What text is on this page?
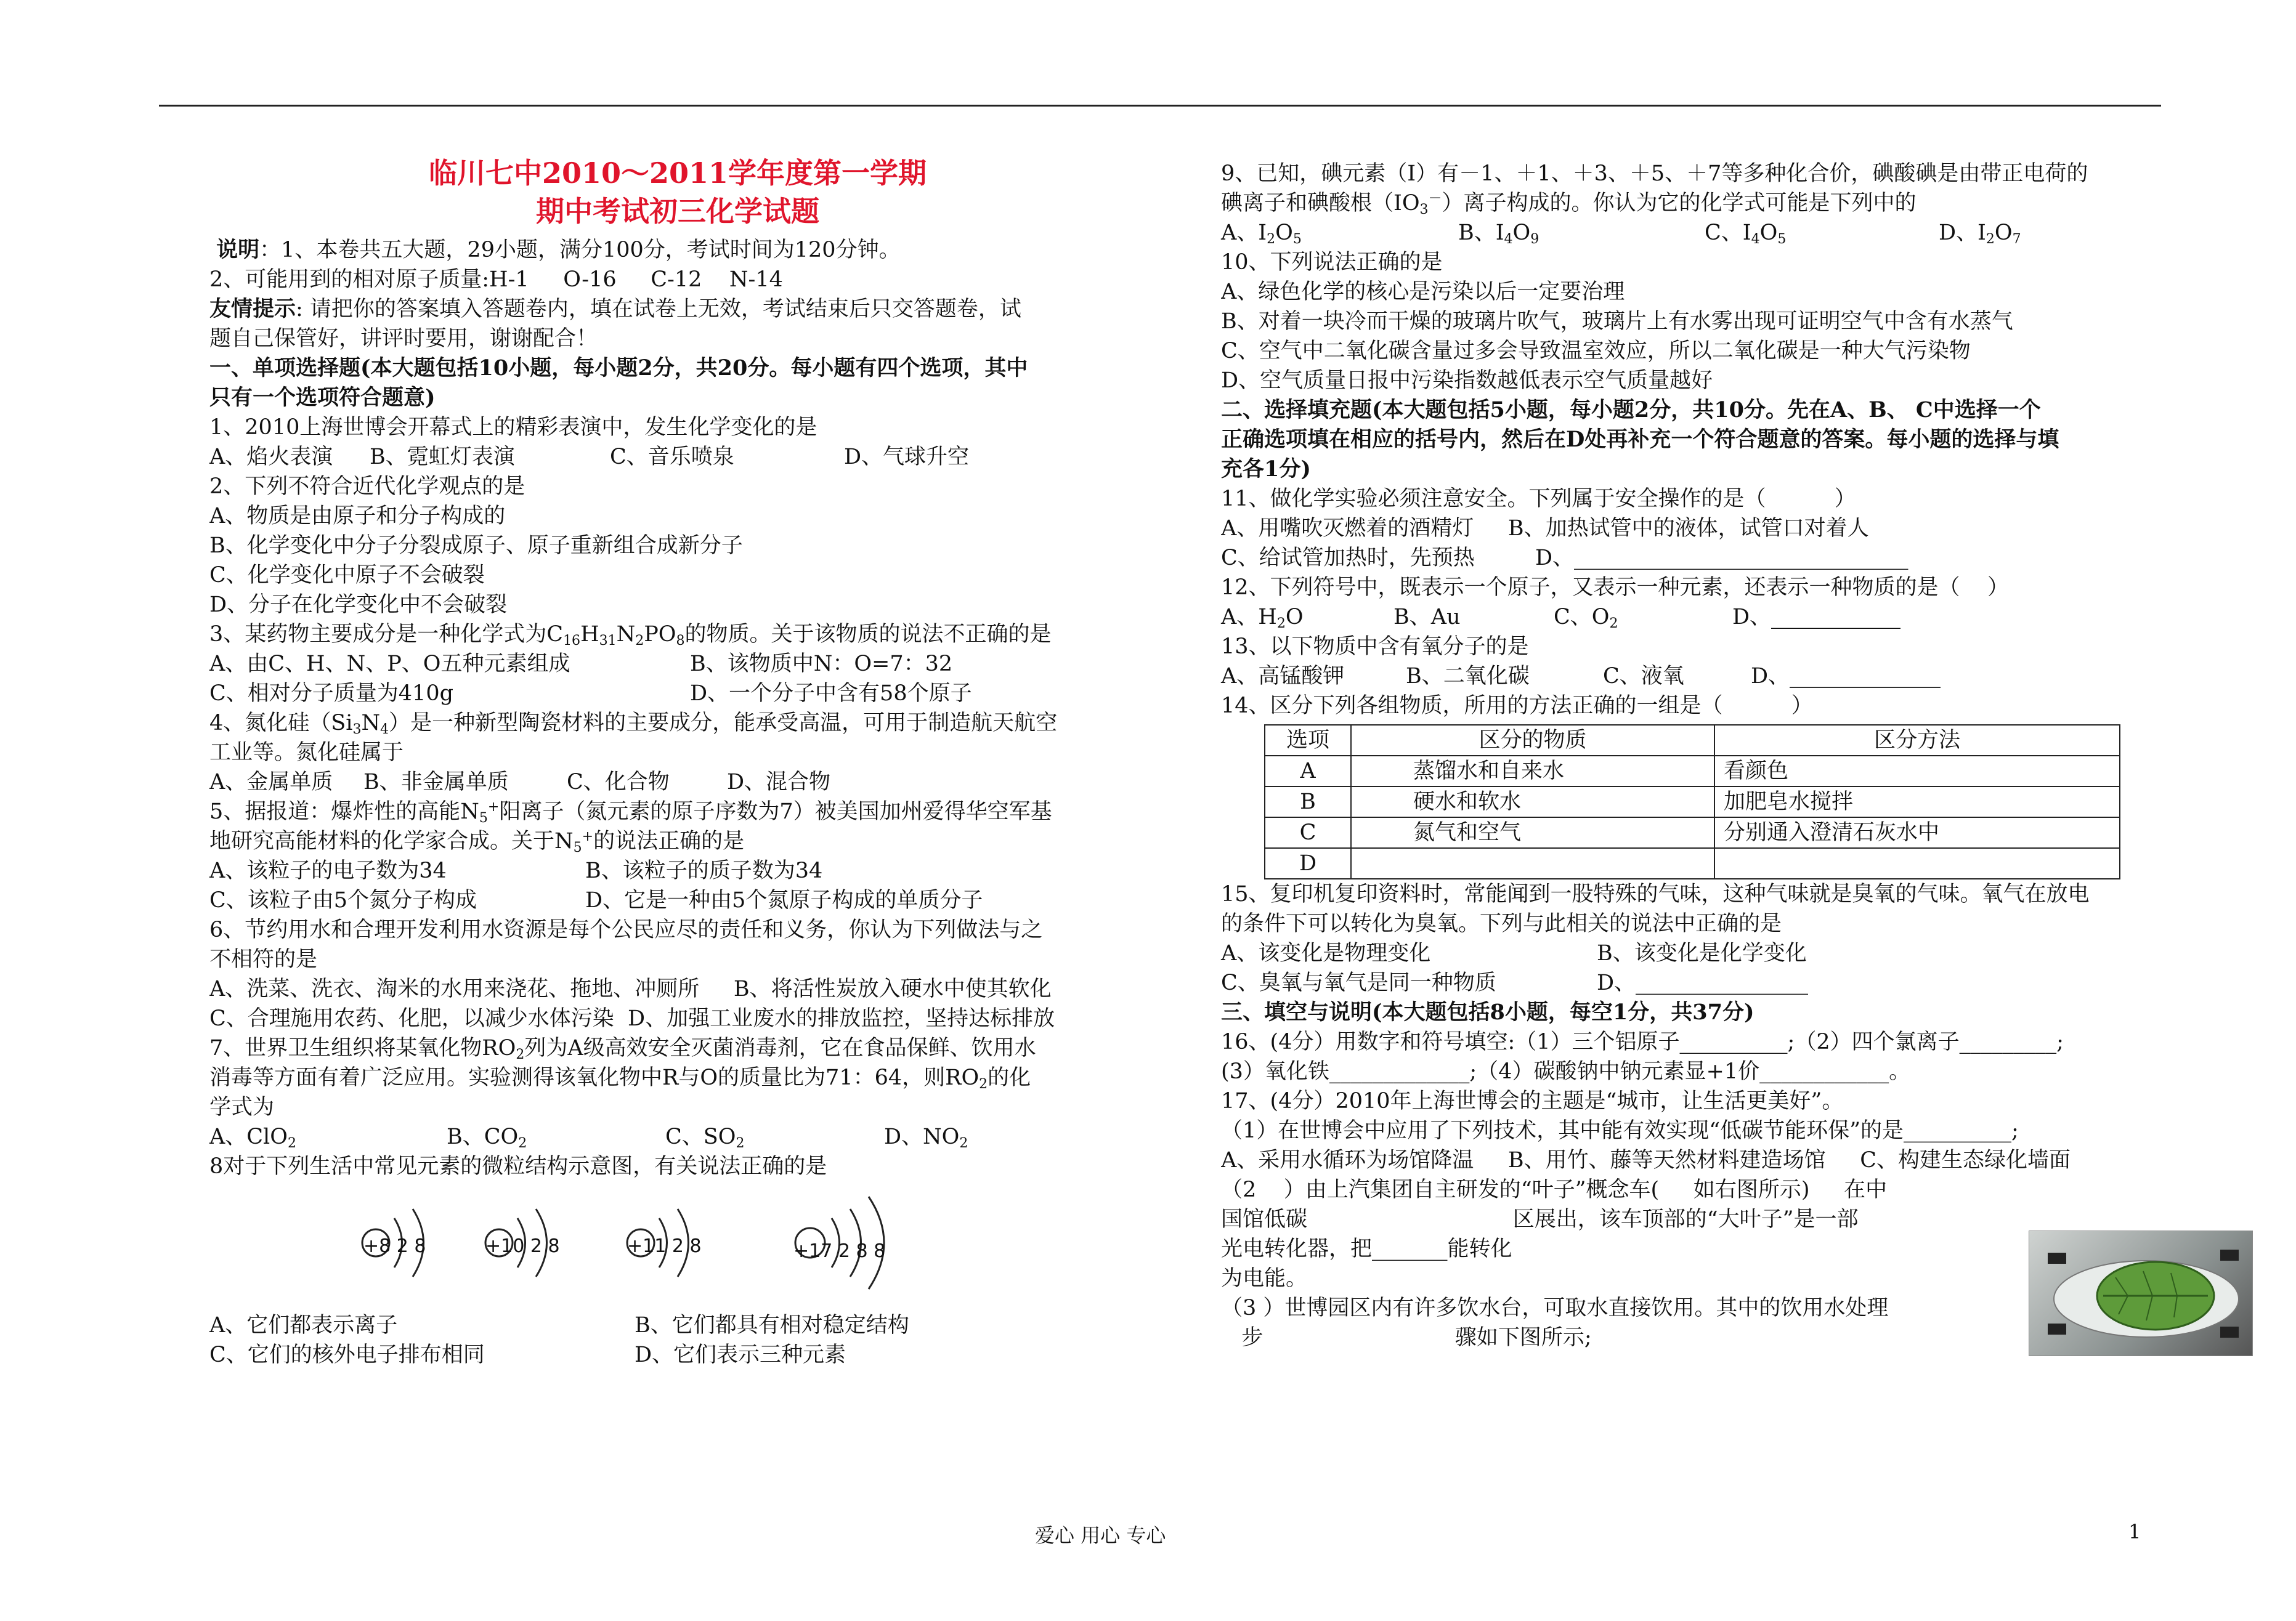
临川七中2010～2011学年度第一学期
期中考试初三化学试题
说明：1、本卷共五大题，29小题，满分100分，考试时间为120分钟。
2、可能用到的相对原子质量:H-1     O-16     C-12    N-14
友情提示: 请把你的答案填入答题卷内，填在试卷上无效，考试结束后只交答题卷，试
题自己保管好，讲评时要用，谢谢配合！
一、单项选择题(本大题包括10小题，每小题2分，共20分。每小题有四个选项，其中
只有一个选项符合题意)
1、2010上海世博会开幕式上的精彩表演中，发生化学变化的是
A、焰火表演	B、霓虹灯表演	C、音乐喷泉	D、气球升空
2、下列不符合近代化学观点的是
A、物质是由原子和分子构成的
B、化学变化中分子分裂成原子、原子重新组合成新分子
C、化学变化中原子不会破裂
D、分子在化学变化中不会破裂
3、某药物主要成分是一种化学式为$C_{16}H_{31}N_2PO_8$的物质。关于该物质的说法不正确的是
A、由C、H、N、P、O五种元素组成	B、该物质中N：O=7：32
C、相对分子质量为410g	D、一个分子中含有58个原子
4、氮化硅$(Si_3N_4)$是一种新型陶瓷材料的主要成分，能承受高温，可用于制造航天航空
工业等。氮化硅属于
A、金属单质	B、非金属单质	C、化合物	D、混合物
5、据报道：爆炸性的高能$N_5^+$阳离子（氮元素的原子序数为7）被美国加州爱得华空军基
地研究高能材料的化学家合成。关于$N_5^+$的说法正确的是
A、该粒子的电子数为34	B、该粒子的质子数为34
C、该粒子由5个氮分子构成	D、它是一种由5个氮原子构成的单质分子
6、节约用水和合理开发利用水资源是每个公民应尽的责任和义务，你认为下列做法与之
不相符的是
A、洗菜、洗衣、淘米的水用来浇花、拖地、冲厕所     B、将活性炭放入硬水中使其软化
C、合理施用农药、化肥，以减少水体污染  D、加强工业废水的排放监控，坚持达标排放
7、世界卫生组织将某氧化物$RO_2$列为A级高效安全灭菌消毒剂，它在食品保鲜、饮用水
消毒等方面有着广泛应用。实验测得该氧化物中R与O的质量比为71：64，则$RO_2$的化
学式为
A、ClO$_2$	B、$CO_2$	C、$SO_2$	D、$NO_2$
8对于下列生活中常见元素的微粒结构示意图，有关说法正确的是
+8 2 8	+10 2 8	+11 2 8	+17 2 8 8
A、它们都表示离子	B、它们都具有相对稳定结构
C、它们的核外电子排布相同	D、它们表示三种元素
9、已知，碘元素（I）有－1、＋1、＋3、＋5、＋7等多种化合价，碘酸碘是由带正电荷的
碘离子和碘酸根$(IO_3^-)$离子构成的。你认为它的化学式可能是下列中的
A、$I_2O_5$	B、$I_4O_9$	C、$I_4O_5$	D、$I_2O_7$
10、下列说法正确的是
A、绿色化学的核心是污染以后一定要治理
B、对着一块冷而干燥的玻璃片吹气，玻璃片上有水雾出现可证明空气中含有水蒸气
C、空气中二氧化碳含量过多会导致温室效应，所以二氧化碳是一种大气污染物
D、空气质量日报中污染指数越低表示空气质量越好
二、选择填充题(本大题包括5小题，每小题2分，共10分。先在A、B、 C中选择一个
正确选项填在相应的括号内，然后在D处再补充一个符合题意的答案。每小题的选择与填
充各1分)
11、做化学实验必须注意安全。下列属于安全操作的是（          ）
A、用嘴吹灭燃着的酒精灯     B、加热试管中的液体，试管口对着人
C、给试管加热时，先预热	D、_______________________________
12、下列符号中，既表示一个原子，又表示一种元素，还表示一种物质的是（    ）
A、$H_2O$	B、Au	C、$O_2$	D、____________
13、以下物质中含有氧分子的是
A、高锰酸钾	B、二氧化碳	C、液氧	D、______________
14、区分下列各组物质，所用的方法正确的一组是（          ）
选项	区分的物质	区分方法
A	蒸馏水和自来水	看颜色
B	硬水和软水	加肥皂水搅拌
C	氮气和空气	分别通入澄清石灰水中
D		
15、复印机复印资料时，常能闻到一股特殊的气味，这种气味就是臭氧的气味。氧气在放电
的条件下可以转化为臭氧。下列与此相关的说法中正确的是
A、该变化是物理变化	B、该变化是化学变化
C、臭氧与氧气是同一种物质	D、________________
三、填空与说明(本大题包括8小题，每空1分，共37分)
16、(4分）用数字和符号填空:（1）三个铝原子__________;（2）四个氯离子_________;
(3）氧化铁_____________;（4）碳酸钠中钠元素显+1价____________。
17、(4分）2010年上海世博会的主题是“城市，让生活更美好”。
（1）在世博会中应用了下列技术，其中能有效实现“低碳节能环保”的是__________;
A、采用水循环为场馆降温     B、用竹、藤等天然材料建造场馆     C、构建生态绿化墙面
（2    ）由上汽集团自主研发的“叶子”概念车(     如右图所示)     在中
国馆低碳                              区展出，该车顶部的“大叶子”是一部
光电转化器，把_______能转化
为电能。
（3 ）世博园区内有许多饮水台，可取水直接饮用。其中的饮用水处理
步                            骤如下图所示;
爱心 用心 专心	1
